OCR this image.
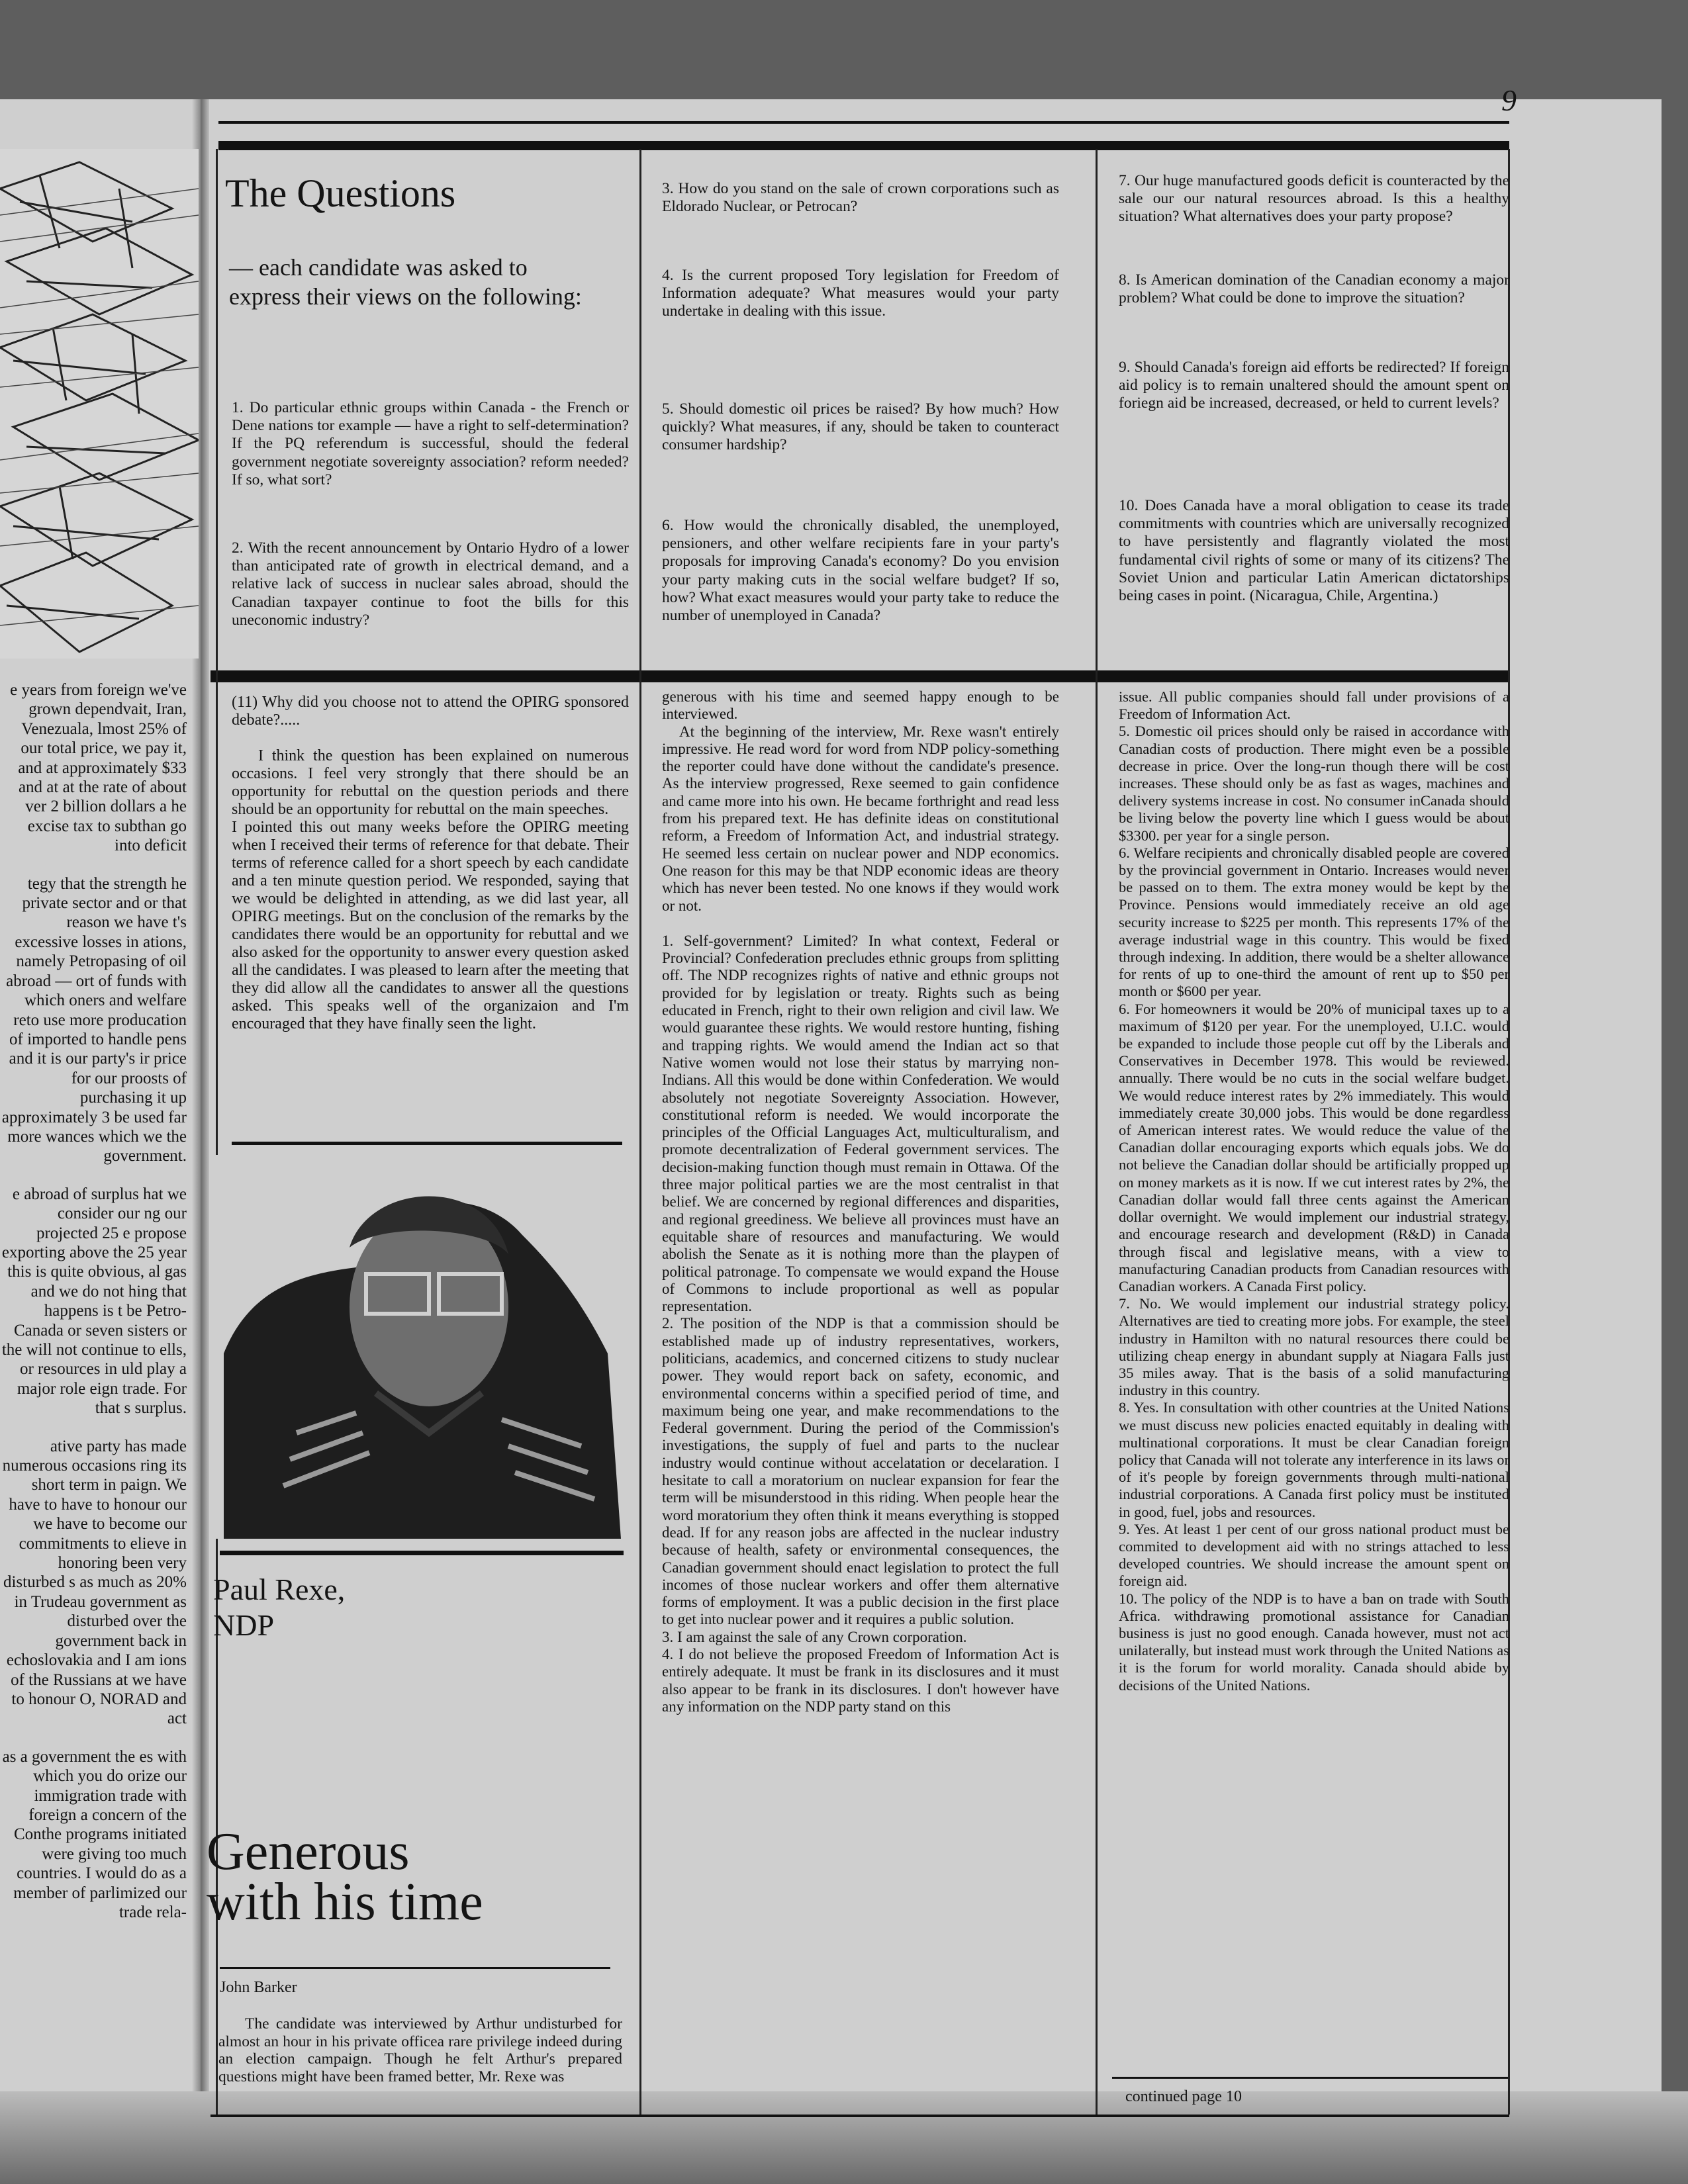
9
e years from foreign we've grown dependvait, Iran, Venezuala, lmost 25% of our total price, we pay it, and at approximately $33 and at at the rate of about ver 2 billion dollars a he excise tax to subthan go into deficit
tegy that the strength he private sector and or that reason we have t's excessive losses in ations, namely Petropasing of oil abroad — ort of funds with which oners and welfare reto use more producation of imported to handle pens and it is our party's ir price for our proosts of purchasing it up approximately 3 be used far more wances which we the government.
e abroad of surplus hat we consider our ng our projected 25 e propose exporting above the 25 year this is quite obvious, al gas and we do not hing that happens is t be Petro-Canada or seven sisters or the will not continue to ells, or resources in uld play a major role eign trade. For that s surplus.
ative party has made numerous occasions ring its short term in paign. We have to have to honour our we have to become our commitments to elieve in honoring been very disturbed s as much as 20% in Trudeau government as disturbed over the government back in echoslovakia and I am ions of the Russians at we have to honour O, NORAD and act
as a government the es with which you do orize our immigration trade with foreign a concern of the Conthe programs initiated were giving too much countries. I would do as a member of parlimized our trade rela-
The Questions
— each candidate was asked to express their views on the following:
1. Do particular ethnic groups within Canada - the French or Dene nations tor example — have a right to self-determination? If the PQ referendum is successful, should the federal government negotiate sovereignty association? reform needed? If so, what sort?
2. With the recent announcement by Ontario Hydro of a lower than anticipated rate of growth in electrical demand, and a relative lack of success in nuclear sales abroad, should the Canadian taxpayer continue to foot the bills for this uneconomic industry?
3. How do you stand on the sale of crown corporations such as Eldorado Nuclear, or Petrocan?
4. Is the current proposed Tory legislation for Freedom of Information adequate? What measures would your party undertake in dealing with this issue.
5. Should domestic oil prices be raised? By how much? How quickly? What measures, if any, should be taken to counteract consumer hardship?
6. How would the chronically disabled, the unemployed, pensioners, and other welfare recipients fare in your party's proposals for improving Canada's economy? Do you envision your party making cuts in the social welfare budget? If so, how? What exact measures would your party take to reduce the number of unemployed in Canada?
7. Our huge manufactured goods deficit is counteracted by the sale our our natural resources abroad. Is this a healthy situation? What alternatives does your party propose?
8. Is American domination of the Canadian economy a major problem? What could be done to improve the situation?
9. Should Canada's foreign aid efforts be redirected? If foreign aid policy is to remain unaltered should the amount spent on foriegn aid be increased, decreased, or held to current levels?
10. Does Canada have a moral obligation to cease its trade commitments with countries which are universally recognized to have persistently and flagrantly violated the most fundamental civil rights of some or many of its citizens? The Soviet Union and particular Latin American dictatorships being cases in point. (Nicaragua, Chile, Argentina.)

(11) Why did you choose not to attend the OPIRG sponsored debate?.....

I think the question has been explained on numerous occasions. I feel very strongly that there should be an opportunity for rebuttal on the question periods and there should be an opportunity for rebuttal on the main speeches.

I pointed this out many weeks before the OPIRG meeting when I received their terms of reference for that debate. Their terms of reference called for a short speech by each candidate and a ten minute question period. We responded, saying that we would be delighted in attending, as we did last year, all OPIRG meetings. But on the conclusion of the remarks by the candidates there would be an opportunity for rebuttal and we also asked for the opportunity to answer every question asked all the candidates. I was pleased to learn after the meeting that they did allow all the candidates to answer all the questions asked. This speaks well of the organizaion and I'm encouraged that they have finally seen the light.

Paul Rexe,
NDP
Generous
with his time
John Barker
The candidate was interviewed by Arthur undisturbed for almost an hour in his private officea rare privilege indeed during an election campaign. Though he felt Arthur's prepared questions might have been framed better, Mr. Rexe was

generous with his time and seemed happy enough to be interviewed.

At the beginning of the interview, Mr. Rexe wasn't entirely impressive. He read word for word from NDP policy-something the reporter could have done without the candidate's presence. As the interview progressed, Rexe seemed to gain confidence and came more into his own. He became forthright and read less from his prepared text. He has definite ideas on constitutional reform, a Freedom of Information Act, and industrial strategy. He seemed less certain on nuclear power and NDP economics. One reason for this may be that NDP economic ideas are theory which has never been tested. No one knows if they would work or not.

1. Self-government? Limited? In what context, Federal or Provincial? Confederation precludes ethnic groups from splitting off. The NDP recognizes rights of native and ethnic groups not provided for by legislation or treaty. Rights such as being educated in French, right to their own religion and civil law. We would guarantee these rights. We would restore hunting, fishing and trapping rights. We would amend the Indian act so that Native women would not lose their status by marrying non-Indians. All this would be done within Confederation. We would absolutely not negotiate Sovereignty Association. However, constitutional reform is needed. We would incorporate the principles of the Official Languages Act, multiculturalism, and promote decentralization of Federal government services. The decision-making function though must remain in Ottawa. Of the three major political parties we are the most centralist in that belief. We are concerned by regional differences and disparities, and regional greediness. We believe all provinces must have an equitable share of resources and manufacturing. We would abolish the Senate as it is nothing more than the playpen of political patronage. To compensate we would expand the House of Commons to include proportional as well as popular representation.

2. The position of the NDP is that a commission should be established made up of industry representatives, workers, politicians, academics, and concerned citizens to study nuclear power. They would report back on safety, economic, and environmental concerns within a specified period of time, and maximum being one year, and make recommendations to the Federal government. During the period of the Commission's investigations, the supply of fuel and parts to the nuclear industry would continue without accelatation or decelaration. I hesitate to call a moratorium on nuclear expansion for fear the term will be misunderstood in this riding. When people hear the word moratorium they often think it means everything is stopped dead. If for any reason jobs are affected in the nuclear industry because of health, safety or environmental consequences, the Canadian government should enact legislation to protect the full incomes of those nuclear workers and offer them alternative forms of employment. It was a public decision in the first place to get into nuclear power and it requires a public solution.

3. I am against the sale of any Crown corporation.

4. I do not believe the proposed Freedom of Information Act is entirely adequate. It must be frank in its disclosures and it must also appear to be frank in its disclosures. I don't however have any information on the NDP party stand on this

issue. All public companies should fall under provisions of a Freedom of Information Act.

5. Domestic oil prices should only be raised in accordance with Canadian costs of production. There might even be a possible decrease in price. Over the long-run though there will be cost increases. These should only be as fast as wages, machines and delivery systems increase in cost. No consumer inCanada should be living below the poverty line which I guess would be about $3300. per year for a single person.

6. Welfare recipients and chronically disabled people are covered by the provincial government in Ontario. Increases would never be passed on to them. The extra money would be kept by the Province. Pensions would immediately receive an old age security increase to $225 per month. This represents 17% of the average industrial wage in this country. This would be fixed through indexing. In addition, there would be a shelter allowance for rents of up to one-third the amount of rent up to $50 per month or $600 per year.

6. For homeowners it would be 20% of municipal taxes up to a maximum of $120 per year. For the unemployed, U.I.C. would be expanded to include those people cut off by the Liberals and Conservatives in December 1978. This would be reviewed. annually. There would be no cuts in the social welfare budget. We would reduce interest rates by 2% immediately. This would immediately create 30,000 jobs. This would be done regardless of American interest rates. We would reduce the value of the Canadian dollar encouraging exports which equals jobs. We do not believe the Canadian dollar should be artificially propped up on money markets as it is now. If we cut interest rates by 2%, the Canadian dollar would fall three cents against the American dollar overnight. We would implement our industrial strategy, and encourage research and development (R&D) in Canada through fiscal and legislative means, with a view to manufacturing Canadian products from Canadian resources with Canadian workers. A Canada First policy.

7. No. We would implement our industrial strategy policy. Alternatives are tied to creating more jobs. For example, the steel industry in Hamilton with no natural resources there could be utilizing cheap energy in abundant supply at Niagara Falls just 35 miles away. That is the basis of a solid manufacturing industry in this country.

8. Yes. In consultation with other countries at the United Nations we must discuss new policies enacted equitably in dealing with multinational corporations. It must be clear Canadian foreign policy that Canada will not tolerate any interference in its laws or of it's people by foreign governments through multi-national industrial corporations. A Canada first policy must be instituted in good, fuel, jobs and resources.

9. Yes. At least 1 per cent of our gross national product must be commited to development aid with no strings attached to less developed countries. We should increase the amount spent on foreign aid.

10. The policy of the NDP is to have a ban on trade with South Africa. withdrawing promotional assistance for Canadian business is just no good enough. Canada however, must not act unilaterally, but instead must work through the United Nations as it is the forum for world morality. Canada should abide by decisions of the United Nations.

continued page 10
